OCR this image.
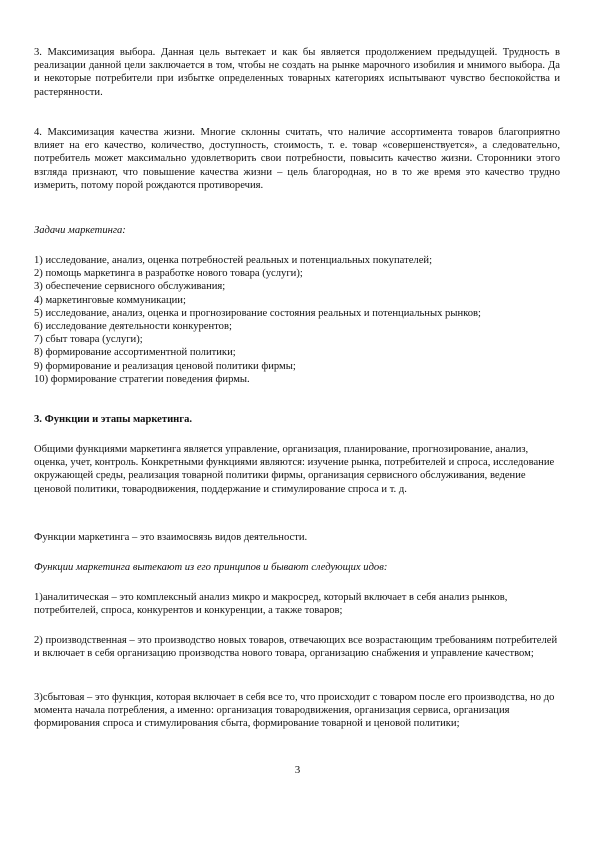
3. Максимизация выбора. Данная цель вытекает и как бы является продолжением предыдущей. Трудность в реализации данной цели заключается в том, чтобы не создать на рынке марочного изобилия и мнимого выбора. Да и некоторые потребители при избытке определенных товарных категориях испытывают чувство беспокойства и растерянности.
4. Максимизация качества жизни. Многие склонны считать, что наличие ассортимента товаров благоприятно влияет на его качество, количество, доступность, стоимость, т. е. товар «совершенствуется», а следовательно, потребитель может максимально удовлетворить свои потребности, повысить качество жизни. Сторонники этого взгляда признают, что повышение качества жизни – цель благородная, но в то же время это качество трудно измерить, потому порой рождаются противоречия.
Задачи маркетинга:
1) исследование, анализ, оценка потребностей реальных и потенциальных покупателей;
2) помощь маркетинга в разработке нового товара (услуги);
3) обеспечение сервисного обслуживания;
4) маркетинговые коммуникации;
5) исследование, анализ, оценка и прогнозирование состояния реальных и потенциальных рынков;
6) исследование деятельности конкурентов;
7) сбыт товара (услуги);
8) формирование ассортиментной политики;
9) формирование и реализация ценовой политики фирмы;
10) формирование стратегии поведения фирмы.
3. Функции и этапы маркетинга.
Общими функциями маркетинга является управление, организация, планирование, прогнозирование, анализ, оценка, учет, контроль. Конкретными функциями являются: изучение рынка, потребителей и спроса, исследование окружающей среды, реализация товарной политики фирмы, организация сервисного обслуживания, ведение ценовой политики, товародвижения, поддержание и стимулирование спроса и т. д.
Функции маркетинга – это взаимосвязь видов деятельности.
Функции маркетинга вытекают из его принципов и бывают следующих идов:
1)аналитическая – это комплексный анализ микро и макросред, который включает в себя анализ рынков, потребителей, спроса, конкурентов и конкуренции, а также товаров;
2) производственная – это производство новых товаров, отвечающих все возрастающим требованиям потребителей и включает в себя организацию производства нового товара, организацию снабжения и управление качеством;
3)сбытовая – это функция, которая включает в себя все то, что происходит с товаром после его производства, но до момента начала потребления, а именно: организация товародвижения, организация сервиса, организация формирования спроса и стимулирования сбыта, формирование товарной и ценовой политики;
3
